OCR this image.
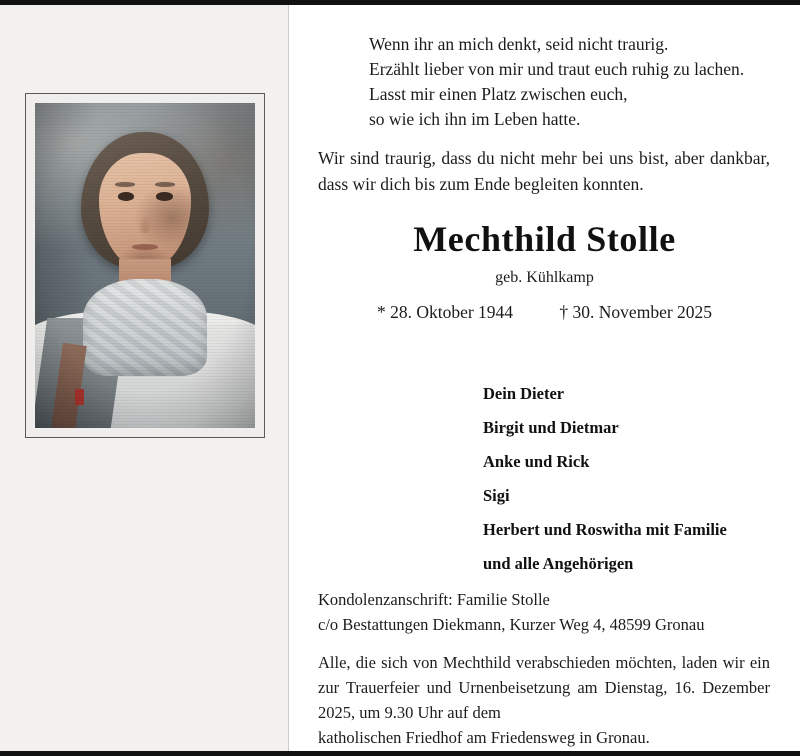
Wenn ihr an mich denkt, seid nicht traurig.
Erzählt lieber von mir und traut euch ruhig zu lachen.
Lasst mir einen Platz zwischen euch,
so wie ich ihn im Leben hatte.
Wir sind traurig, dass du nicht mehr bei uns bist, aber dankbar, dass wir dich bis zum Ende begleiten konnten.
Mechthild Stolle
geb. Kühlkamp
* 28. Oktober 1944	† 30. November 2025
Dein Dieter
Birgit und Dietmar
Anke und Rick
Sigi
Herbert und Roswitha mit Familie
und alle Angehörigen
Kondolenzanschrift: Familie Stolle
c/o Bestattungen Diekmann, Kurzer Weg 4, 48599 Gronau
Alle, die sich von Mechthild verabschieden möchten, laden wir ein zur Trauerfeier und Urnenbeisetzung am Dienstag, 16. Dezember 2025, um 9.30 Uhr auf dem
katholischen Friedhof am Friedensweg in Gronau.
